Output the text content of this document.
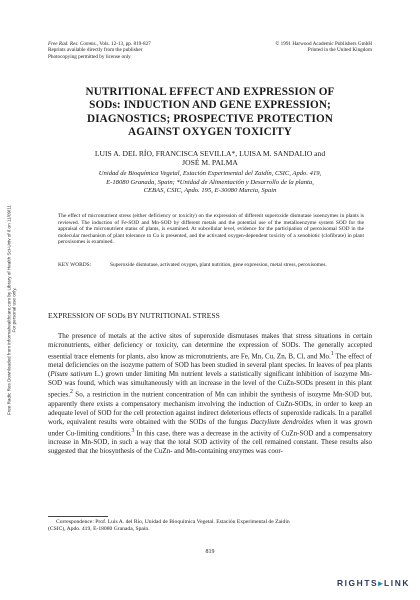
Free Rad. Res. Comms., Vols. 12-13, pp. 819-827
Reprints available directly from the publisher
Photocopying permitted by license only
© 1991 Harwood Academic Publishers GmbH
Printed in the United Kingdom
NUTRITIONAL EFFECT AND EXPRESSION OF
SODs: INDUCTION AND GENE EXPRESSION;
DIAGNOSTICS; PROSPECTIVE PROTECTION
AGAINST OXYGEN TOXICITY
LUIS A. DEL RÍO, FRANCISCA SEVILLA*, LUISA M. SANDALIO and
JOSÉ M. PALMA
Unidad de Bioquímica Vegetal, Estación Experimental del Zaidín, CSIC, Apdo. 419,
E-18080 Granada, Spain; *Unidad de Alimentación y Desarrollo de la planta,
CEBAS, CSIC, Apdo. 195, E-30080 Murcia, Spain
The effect of micronutrient stress (either deficiency or toxicity) on the expression of different superoxide dismutase isoenzymes in plants is reviewed. The induction of Fe-SOD and Mn-SOD by different metals and the potential use of the metalloenzyme system SOD for the appraisal of the micronutrient status of plants, is examined. At subcellular level, evidence for the participation of peroxisomal SOD in the molecular mechanism of plant tolerance to Cu is presented, and the activated oxygen-dependent toxicity of a xenobiotic (clofibrate) in plant peroxisomes is examined.
KEY WORDS:	Superoxide dismutase, activated oxygen, plant nutrition, gene expression, metal stress, peroxisomes.
EXPRESSION OF SODs BY NUTRITIONAL STRESS

The presence of metals at the active sites of superoxide dismutases makes that stress situations in certain micronutrients, either deficiency or toxicity, can determine the expression of SODs. The generally accepted essential trace elements for plants, also know as micronutrients, are Fe, Mn, Cu, Zn, B, Cl, and Mo.$^1$ The effect of metal deficiencies on the isozyme pattern of SOD has been studied in several plant species. In leaves of pea plants (Pisum sativum L.) grown under limiting Mn nutrient levels a statistically significant inhibition of isozyme Mn-SOD was found, which was simultaneously with an increase in the level of the CuZn-SODs present in this plant species.$^2$ So, a restriction in the nutrient concentration of Mn can inhibit the synthesis of isozyme Mn-SOD but, apparently there exists a compensatory mechanism involving the induction of CuZn-SODs, in order to keep an adequate level of SOD for the cell protection against indirect deleterious effects of superoxide radicals. In a parallel work, equivalent results were obtained with the SODs of the fungus Dactylium dendroides when it was grown under Cu-limiting conditions.$^3$ In this case, there was a decrease in the activity of CuZn-SOD and a compensatory increase in Mn-SOD, in such a way that the total SOD activity of the cell remained constant. These results also suggested that the biosynthesis of the CuZn- and Mn-containing enzymes was coor-

Correspondence: Prof. Luis A. del Río, Unidad de Bioquímica Vegetal. Estación Experimental de Zaidín
(CSIC), Apdo. 419, E-18080 Granada, Spain.
819
Free Radic Res Downloaded from informahealthcare.com by Library of Health Sci-Univ of Il on 11/09/11
For personal use only.
RIGHTS▸LINK
